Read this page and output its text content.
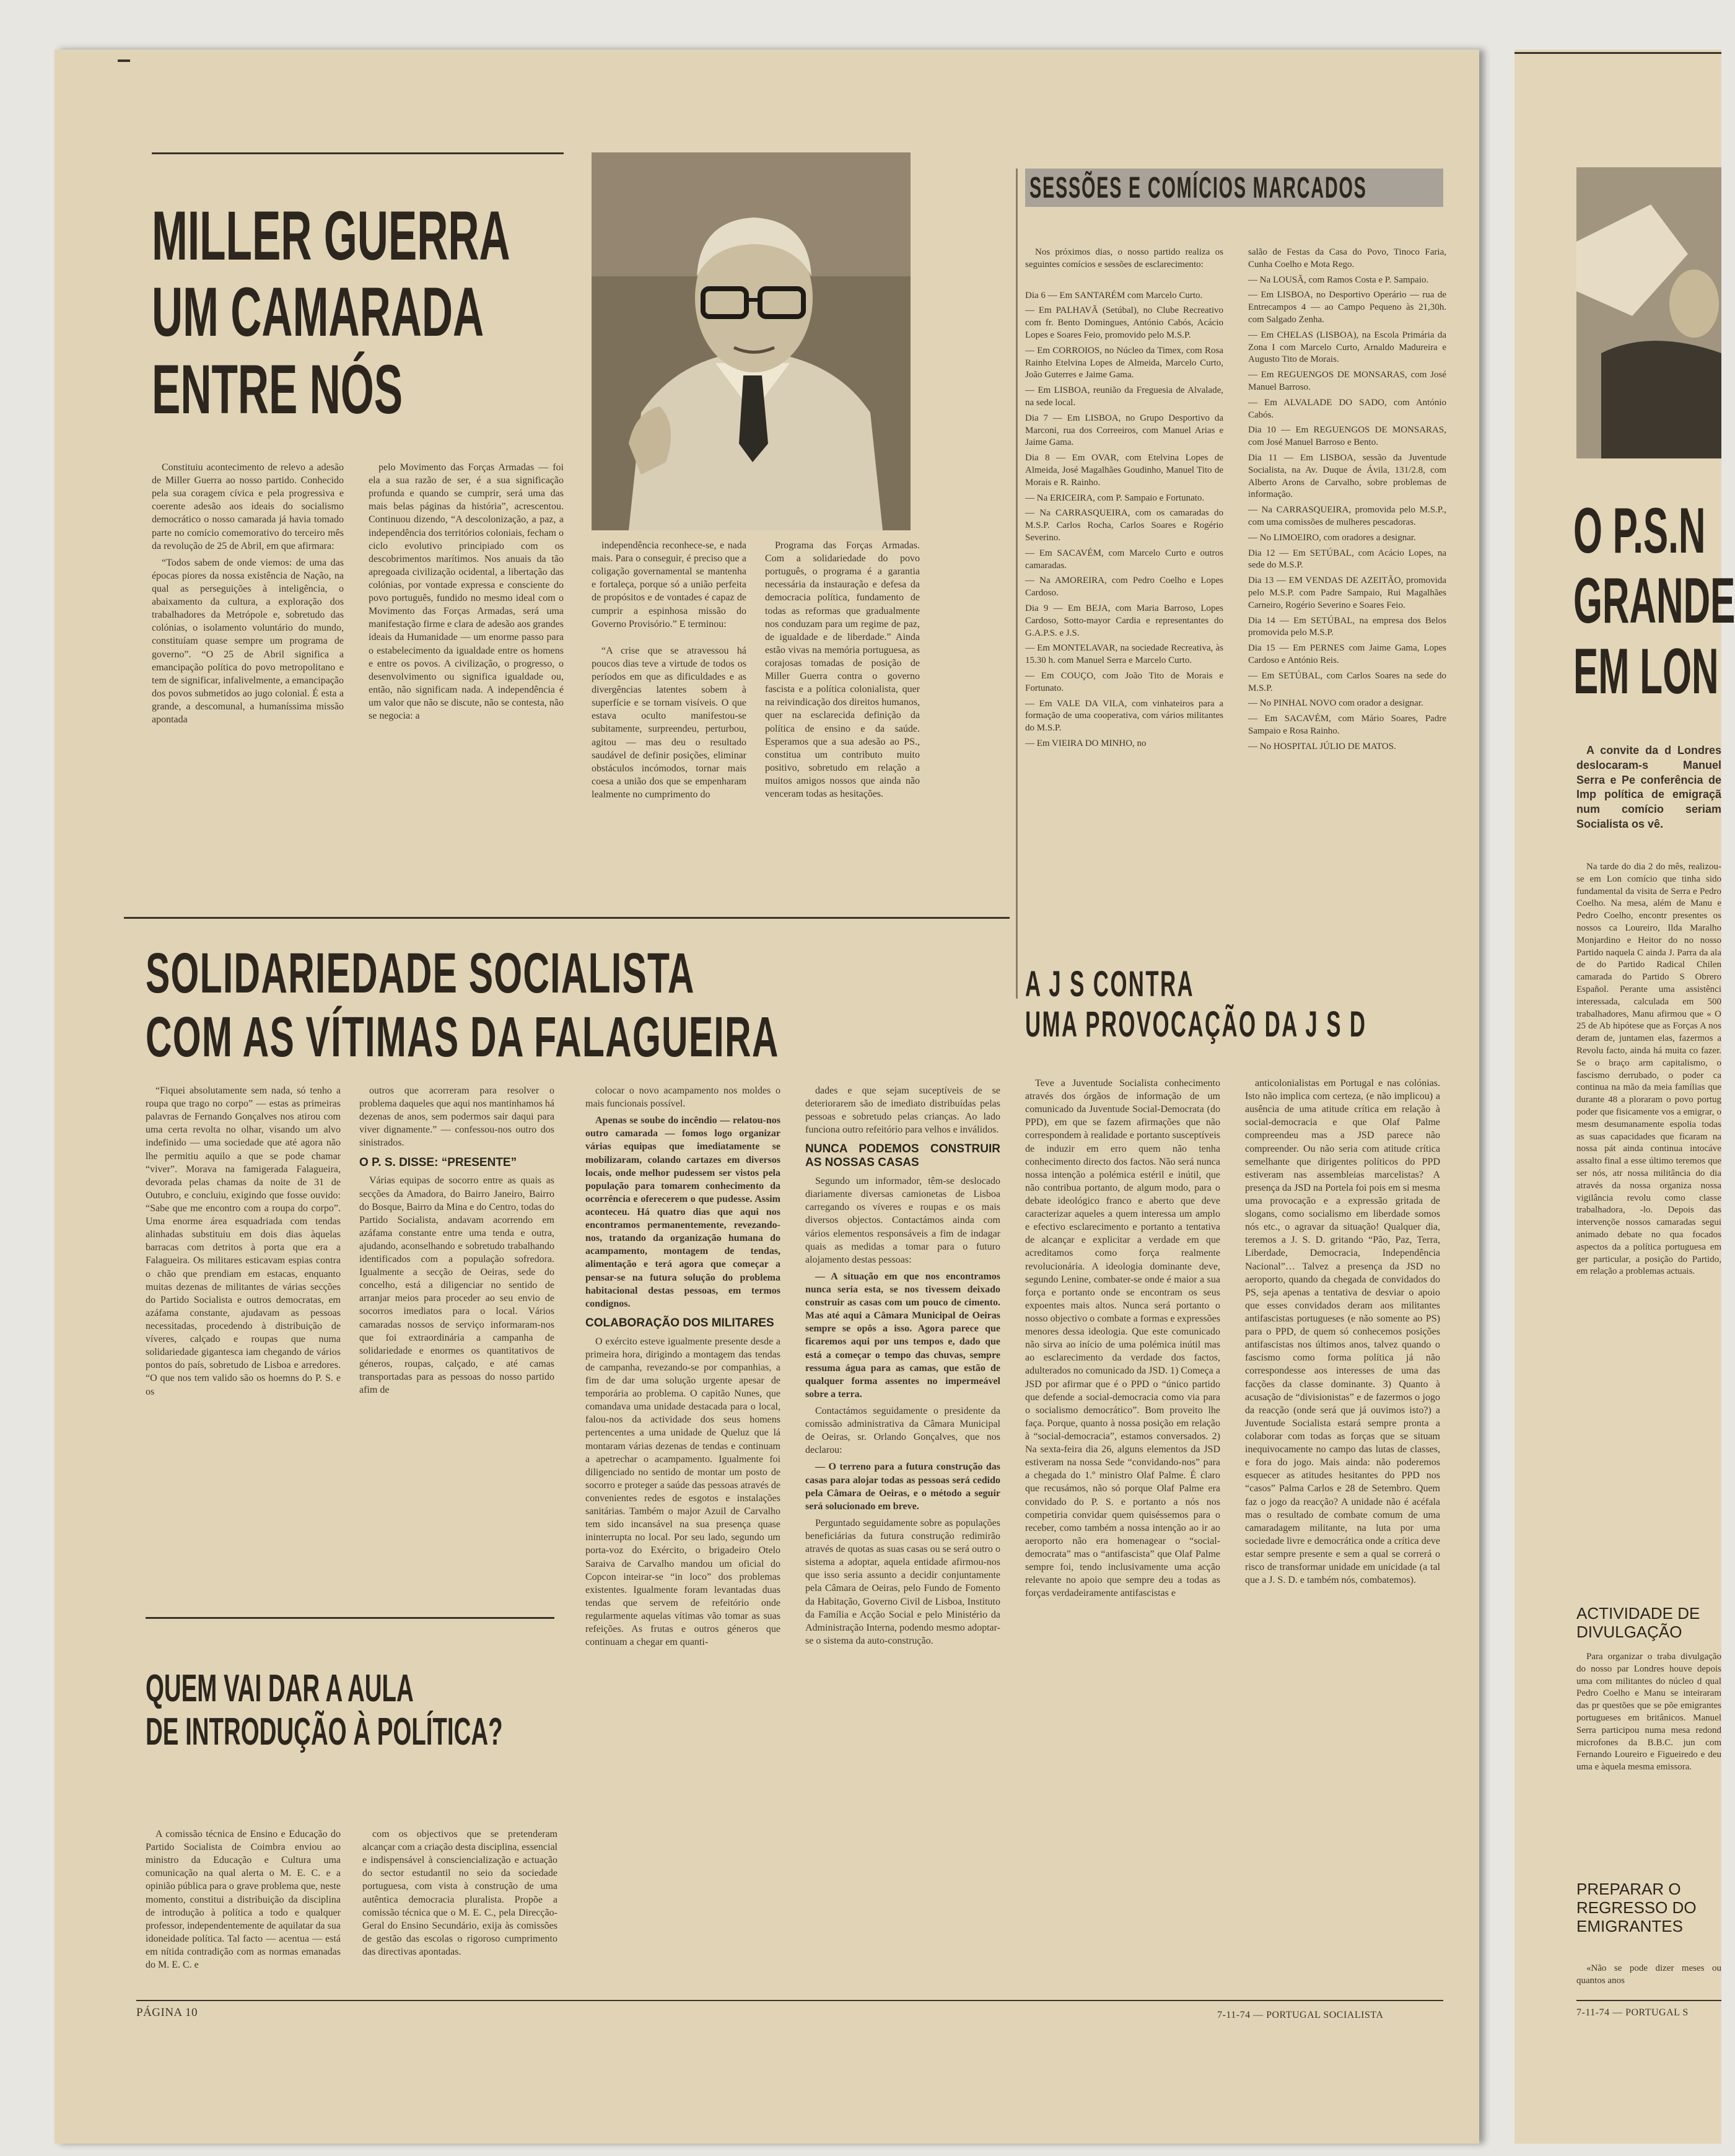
MILLER GUERRA
UM CAMARADA
ENTRE NÓS

Constituiu acontecimento de relevo a adesão de Miller Guerra ao nosso partido. Conhecido pela sua coragem cívica e pela progressiva e coerente adesão aos ideais do socialismo democrático o nosso camarada já havia tomado parte no comício comemorativo do terceiro mês da revolução de 25 de Abril, em que afirmara:

“Todos sabem de onde viemos: de uma das épocas piores da nossa existência de Nação, na qual as perseguições à inteligência, o abaixamento da cultura, a exploração dos trabalhadores da Metrópole e, sobretudo das colónias, o isolamento voluntário do mundo, constituíam quase sempre um programa de governo”. “O 25 de Abril significa a emancipação política do povo metropolitano e tem de significar, infalivelmente, a emancipação dos povos submetidos ao jugo colonial. É esta a grande, a descomunal, a humaníssima missão apontada

pelo Movimento das Forças Armadas — foi ela a sua razão de ser, é a sua significação profunda e quando se cumprir, será uma das mais belas páginas da história”, acrescentou. Continuou dizendo, “A descolonização, a paz, a independência dos territórios coloniais, fecham o ciclo evolutivo principiado com os descobrimentos marítimos. Nos anuais da tão apregoada civilização ocidental, a libertação das colónias, por vontade expressa e consciente do povo português, fundido no mesmo ideal com o Movimento das Forças Armadas, será uma manifestação firme e clara de adesão aos grandes ideais da Humanidade — um enorme passo para o estabelecimento da igualdade entre os homens e entre os povos. A civilização, o progresso, o desenvolvimento ou significa igualdade ou, então, não significam nada. A independência é um valor que não se discute, não se contesta, não se negocia: a

independência reconhece-se, e nada mais. Para o conseguir, é preciso que a coligação governamental se mantenha e fortaleça, porque só a união perfeita de propósitos e de vontades é capaz de cumprir a espinhosa missão do Governo Provisório.” E terminou:

“A crise que se atravessou há poucos dias teve a virtude de todos os períodos em que as dificuldades e as divergências latentes sobem à superfície e se tornam visíveis. O que estava oculto manifestou-se subitamente, surpreendeu, perturbou, agitou — mas deu o resultado saudável de definir posições, eliminar obstáculos incómodos, tornar mais coesa a união dos que se empenharam lealmente no cumprimento do

Programa das Forças Armadas. Com a solidariedade do povo português, o programa é a garantia necessária da instauração e defesa da democracia política, fundamento de todas as reformas que gradualmente nos conduzam para um regime de paz, de igualdade e de liberdade.” Ainda estão vivas na memória portuguesa, as corajosas tomadas de posição de Miller Guerra contra o governo fascista e a política colonialista, quer na reivindicação dos direitos humanos, quer na esclarecida definição da política de ensino e da saúde. Esperamos que a sua adesão ao PS., constitua um contributo muito positivo, sobretudo em relação a muitos amigos nossos que ainda não venceram todas as hesitações.

SESSÕES E COMÍCIOS MARCADOS

Nos próximos dias, o nosso partido realiza os seguintes comícios e sessões de esclarecimento:

Dia 6 — Em SANTARÉM com Marcelo Curto.
— Em PALHAVÃ (Setúbal), no Clube Recreativo com fr. Bento Domingues, António Cabós, Acácio Lopes e Soares Feio, promovido pelo M.S.P.
— Em CORROIOS, no Núcleo da Timex, com Rosa Rainho Etelvina Lopes de Almeida, Marcelo Curto, João Guterres e Jaime Gama.
— Em LISBOA, reunião da Freguesia de Alvalade, na sede local.
Dia 7 — Em LISBOA, no Grupo Desportivo da Marconi, rua dos Correeiros, com Manuel Arias e Jaime Gama.
Dia 8 — Em OVAR, com Etelvina Lopes de Almeida, José Magalhães Goudinho, Manuel Tito de Morais e R. Rainho.
— Na ERICEIRA, com P. Sampaio e Fortunato.
— Na CARRASQUEIRA, com os camaradas do M.S.P. Carlos Rocha, Carlos Soares e Rogério Severino.
— Em SACAVÉM, com Marcelo Curto e outros camaradas.
— Na AMOREIRA, com Pedro Coelho e Lopes Cardoso.
Dia 9 — Em BEJA, com Maria Barroso, Lopes Cardoso, Sotto-mayor Cardia e representantes do G.A.P.S. e J.S.
— Em MONTELAVAR, na sociedade Recreativa, às 15.30 h. com Manuel Serra e Marcelo Curto.
— Em COUÇO, com João Tito de Morais e Fortunato.
— Em VALE DA VILA, com vinhateiros para a formação de uma cooperativa, com vários militantes do M.S.P.
— Em VIEIRA DO MINHO, no
salão de Festas da Casa do Povo, Tinoco Faria, Cunha Coelho e Mota Rego.
— Na LOUSÃ, com Ramos Costa e P. Sampaio.
— Em LISBOA, no Desportivo Operário — rua de Entrecampos 4 — ao Campo Pequeno às 21,30h. com Salgado Zenha.
— Em CHELAS (LISBOA), na Escola Primária da Zona I com Marcelo Curto, Arnaldo Madureira e Augusto Tito de Morais.
— Em REGUENGOS DE MONSARAS, com José Manuel Barroso.
— Em ALVALADE DO SADO, com António Cabós.
Dia 10 — Em REGUENGOS DE MONSARAS, com José Manuel Barroso e Bento.
Dia 11 — Em LISBOA, sessão da Juventude Socialista, na Av. Duque de Ávila, 131/2.8, com Alberto Arons de Carvalho, sobre problemas de informação.
— Na CARRASQUEIRA, promovida pelo M.S.P., com uma comissões de mulheres pescadoras.
— No LIMOEIRO, com oradores a designar.
Dia 12 — Em SETÚBAL, com Acácio Lopes, na sede do M.S.P.
Dia 13 — EM VENDAS DE AZEITÃO, promovida pelo M.S.P. com Padre Sampaio, Rui Magalhães Carneiro, Rogério Severino e Soares Feio.
Dia 14 — Em SETÚBAL, na empresa dos Belos promovida pelo M.S.P.
Dia 15 — Em PERNES com Jaime Gama, Lopes Cardoso e António Reis.
— Em SETÚBAL, com Carlos Soares na sede do M.S.P.
— No PINHAL NOVO com orador a designar.
— Em SACAVÉM, com Mário Soares, Padre Sampaio e Rosa Rainho.
— No HOSPITAL JÚLIO DE MATOS.
SOLIDARIEDADE SOCIALISTA
COM AS VÍTIMAS DA FALAGUEIRA

“Fiquei absolutamente sem nada, só tenho a roupa que trago no corpo” — estas as primeiras palavras de Fernando Gonçalves nos atirou com uma certa revolta no olhar, visando um alvo indefinido — uma sociedade que até agora não lhe permitiu aquilo a que se pode chamar “viver”. Morava na famigerada Falagueira, devorada pelas chamas da noite de 31 de Outubro, e concluiu, exigindo que fosse ouvido: “Sabe que me encontro com a roupa do corpo”. Uma enorme área esquadriada com tendas alinhadas substituiu em dois dias àquelas barracas com detritos à porta que era a Falagueira. Os militares esticavam espias contra o chão que prendiam em estacas, enquanto muitas dezenas de militantes de várias secções do Partido Socialista e outros democratas, em azáfama constante, ajudavam as pessoas necessitadas, procedendo à distribuição de víveres, calçado e roupas que numa solidariedade gigantesca iam chegando de vários pontos do país, sobretudo de Lisboa e arredores. “O que nos tem valido são os hoemns do P. S. e os

outros que acorreram para resolver o problema daqueles que aqui nos mantinhamos há dezenas de anos, sem podermos sair daqui para viver dignamente.” — confessou-nos outro dos sinistrados.

O P. S. DISSE: “PRESENTE”

Várias equipas de socorro entre as quais as secções da Amadora, do Bairro Janeiro, Bairro do Bosque, Bairro da Mina e do Centro, todas do Partido Socialista, andavam acorrendo em azáfama constante entre uma tenda e outra, ajudando, aconselhando e sobretudo trabalhando identificados com a população sofredora. Igualmente a secção de Oeiras, sede do concelho, está a diligenciar no sentido de arranjar meios para proceder ao seu envio de socorros imediatos para o local. Vários camaradas nossos de serviço informaram-nos que foi extraordinária a campanha de solidariedade e enormes os quantitativos de géneros, roupas, calçado, e até camas transportadas para as pessoas do nosso partido afim de

colocar o novo acampamento nos moldes o mais funcionais possível.

Apenas se soube do incêndio — relatou-nos outro camarada — fomos logo organizar várias equipas que imediatamente se mobilizaram, colando cartazes em diversos locais, onde melhor pudessem ser vistos pela população para tomarem conhecimento da ocorrência e oferecerem o que pudesse. Assim aconteceu. Há quatro dias que aqui nos encontramos permanentemente, revezando-nos, tratando da organização humana do acampamento, montagem de tendas, alimentação e terá agora que começar a pensar-se na futura solução do problema habitacional destas pessoas, em termos condignos.

COLABORAÇÃO DOS MILITARES

O exército esteve igualmente presente desde a primeira hora, dirigindo a montagem das tendas de campanha, revezando-se por companhias, a fim de dar uma solução urgente apesar de temporária ao problema. O capitão Nunes, que comandava uma unidade destacada para o local, falou-nos da actividade dos seus homens pertencentes a uma unidade de Queluz que lá montaram várias dezenas de tendas e continuam a apetrechar o acampamento. Igualmente foi diligenciado no sentido de montar um posto de socorro e proteger a saúde das pessoas através de convenientes redes de esgotos e instalações sanitárias. Também o major Azuil de Carvalho tem sido incansável na sua presença quase ininterrupta no local. Por seu lado, segundo um porta-voz do Exército, o brigadeiro Otelo Saraiva de Carvalho mandou um oficial do Copcon inteirar-se “in loco” dos problemas existentes. Igualmente foram levantadas duas tendas que servem de refeitório onde regularmente aquelas vítimas vão tomar as suas refeições. As frutas e outros géneros que continuam a chegar em quanti-

dades e que sejam suceptíveis de se deteriorarem são de imediato distribuídas pelas pessoas e sobretudo pelas crianças. Ao lado funciona outro refeitório para velhos e inválidos.

NUNCA PODEMOS CONSTRUIR AS NOSSAS CASAS

Segundo um informador, têm-se deslocado diariamente diversas camionetas de Lisboa carregando os víveres e roupas e os mais diversos objectos. Contactámos ainda com vários elementos responsáveis a fim de indagar quais as medidas a tomar para o futuro alojamento destas pessoas:

— A situação em que nos encontramos nunca seria esta, se nos tivessem deixado construir as casas com um pouco de cimento. Mas até aqui a Câmara Municipal de Oeiras sempre se opôs a isso. Agora parece que ficaremos aqui por uns tempos e, dado que está a começar o tempo das chuvas, sempre ressuma água para as camas, que estão de qualquer forma assentes no impermeável sobre a terra.

Contactámos seguidamente o presidente da comissão administrativa da Câmara Municipal de Oeiras, sr. Orlando Gonçalves, que nos declarou:

— O terreno para a futura construção das casas para alojar todas as pessoas será cedido pela Câmara de Oeiras, e o método a seguir será solucionado em breve.

Perguntado seguidamente sobre as populações beneficiárias da futura construção redimirão através de quotas as suas casas ou se será outro o sistema a adoptar, aquela entidade afirmou-nos que isso seria assunto a decidir conjuntamente pela Câmara de Oeiras, pelo Fundo de Fomento da Habitação, Governo Civil de Lisboa, Instituto da Família e Acção Social e pelo Ministério da Administração Interna, podendo mesmo adoptar-se o sistema da auto-construção.

QUEM VAI DAR A AULA
DE INTRODUÇÃO À POLÍTICA?

A comissão técnica de Ensino e Educação do Partido Socialista de Coimbra enviou ao ministro da Educação e Cultura uma comunicação na qual alerta o M. E. C. e a opinião pública para o grave problema que, neste momento, constitui a distribuição da disciplina de introdução à política a todo e qualquer professor, independentemente de aquilatar da sua idoneidade política. Tal facto — acentua — está em nítida contradição com as normas emanadas do M. E. C. e

com os objectivos que se pretenderam alcançar com a criação desta disciplina, essencial e indispensável à consciencialização e actuação do sector estudantil no seio da sociedade portuguesa, com vista à construção de uma autêntica democracia pluralista. Propõe a comissão técnica que o M. E. C., pela Direcção-Geral do Ensino Secundário, exija às comissões de gestão das escolas o rigoroso cumprimento das directivas apontadas.

A J S CONTRA
UMA PROVOCAÇÃO DA J S D

Teve a Juventude Socialista conhecimento através dos órgãos de informação de um comunicado da Juventude Social-Democrata (do PPD), em que se fazem afirmações que não correspondem à realidade e portanto susceptíveis de induzir em erro quem não tenha conhecimento directo dos factos. Não será nunca nossa intenção a polémica estéril e inútil, que não contribua portanto, de algum modo, para o debate ideológico franco e aberto que deve caracterizar aqueles a quem interessa um amplo e efectivo esclarecimento e portanto a tentativa de alcançar e explicitar a verdade em que acreditamos como força realmente revolucionária. A ideologia dominante deve, segundo Lenine, combater-se onde é maior a sua força e portanto onde se encontram os seus expoentes mais altos. Nunca será portanto o nosso objectivo o combate a formas e expressões menores dessa ideologia. Que este comunicado não sirva ao início de uma polémica inútil mas ao esclarecimento da verdade dos factos, adulterados no comunicado da JSD. 1) Começa a JSD por afirmar que é o PPD o “único partido que defende a social-democracia como via para o socialismo democrático”. Bom proveito lhe faça. Porque, quanto à nossa posição em relação à “social-democracia”, estamos conversados. 2) Na sexta-feira dia 26, alguns elementos da JSD estiveram na nossa Sede “convidando-nos” para a chegada do 1.º ministro Olaf Palme. É claro que recusámos, não só porque Olaf Palme era convidado do P. S. e portanto a nós nos competiria convidar quem quiséssemos para o receber, como também a nossa intenção ao ir ao aeroporto não era homenagear o “social-democrata” mas o “antifascista” que Olaf Palme sempre foi, tendo inclusivamente uma acção relevante no apoio que sempre deu a todas as forças verdadeiramente antifascistas e

anticolonialistas em Portugal e nas colónias. Isto não implica com certeza, (e não implicou) a ausência de uma atitude crítica em relação à social-democracia e que Olaf Palme compreendeu mas a JSD parece não compreender. Ou não seria com atitude crítica semelhante que dirigentes políticos do PPD estiveram nas assembleias marcelistas? A presença da JSD na Portela foi pois em si mesma uma provocação e a expressão gritada de slogans, como socialismo em liberdade somos nós etc., o agravar da situação! Qualquer dia, teremos a J. S. D. gritando “Pão, Paz, Terra, Liberdade, Democracia, Independência Nacional”… Talvez a presença da JSD no aeroporto, quando da chegada de convidados do PS, seja apenas a tentativa de desviar o apoio que esses convidados deram aos militantes antifascistas portugueses (e não somente ao PS) para o PPD, de quem só conhecemos posições antifascistas nos últimos anos, talvez quando o fascismo como forma política já não correspondesse aos interesses de uma das facções da classe dominante. 3) Quanto à acusação de “divisionistas” e de fazermos o jogo da reacção (onde será que já ouvimos isto?) a Juventude Socialista estará sempre pronta a colaborar com todas as forças que se situam inequivocamente no campo das lutas de classes, e fora do jogo. Mais ainda: não poderemos esquecer as atitudes hesitantes do PPD nos “casos” Palma Carlos e 28 de Setembro. Quem faz o jogo da reacção? A unidade não é acéfala mas o resultado de combate comum de uma camaradagem militante, na luta por uma sociedade livre e democrática onde a crítica deve estar sempre presente e sem a qual se correrá o risco de transformar unidade em unicidade (a tal que a J. S. D. e também nós, combatemos).

PÁGINA 10	7-11-74 — PORTUGAL SOCIALISTA
O P.S.N
GRANDE
EM LON

A convite da d Londres deslocaram-s Manuel Serra e Pe conferência de Imp política de emigraçã num comício seriam Socialista os vê.

Na tarde do dia 2 do mês, realizou-se em Lon comício que tinha sido fundamental da visita de Serra e Pedro Coelho. Na mesa, além de Manu e Pedro Coelho, encontr presentes os nossos ca Loureiro, Ilda Maralho Monjardino e Heitor do no nosso Partido naquela C ainda J. Parra da ala de do Partido Radical Chilen camarada do Partido S Obrero Español. Perante uma assistênci interessada, calculada em 500 trabalhadores, Manu afirmou que « O 25 de Ab hipótese que as Forças A nos deram de, juntamen elas, fazermos a Revolu facto, ainda há muita co fazer. Se o braço arm capitalismo, o fascismo derrubado, o poder ca continua na mão da meia famílias que durante 48 a ploraram o povo portug poder que fisicamente vos a emigrar, o mesm desumanamente espolia todas as suas capacidades que ficaram na nossa pát ainda continua intocáve assalto final a esse último teremos que ser nós, atr nossa militância do dia através da nossa organiza nossa vigilância revolu como classe trabalhadora, -lo. Depois das intervençõe nossos camaradas segui animado debate no qua focados aspectos da a política portuguesa em ger particular, a posição do Partido, em relação a problemas actuais.

ACTIVIDADE DE DIVULGAÇÃO

Para organizar o traba divulgação do nosso par Londres houve depois uma com militantes do núcleo d qual Pedro Coelho e Manu se inteiraram das pr questões que se põe emigrantes portugueses em britânicos. Manuel Serra participou numa mesa redond microfones da B.B.C. jun com Fernando Loureiro e Figueiredo e deu uma e àquela mesma emissora.

PREPARAR O REGRESSO DO EMIGRANTES

«Não se pode dizer meses ou quantos anos

7-11-74 — PORTUGAL S
